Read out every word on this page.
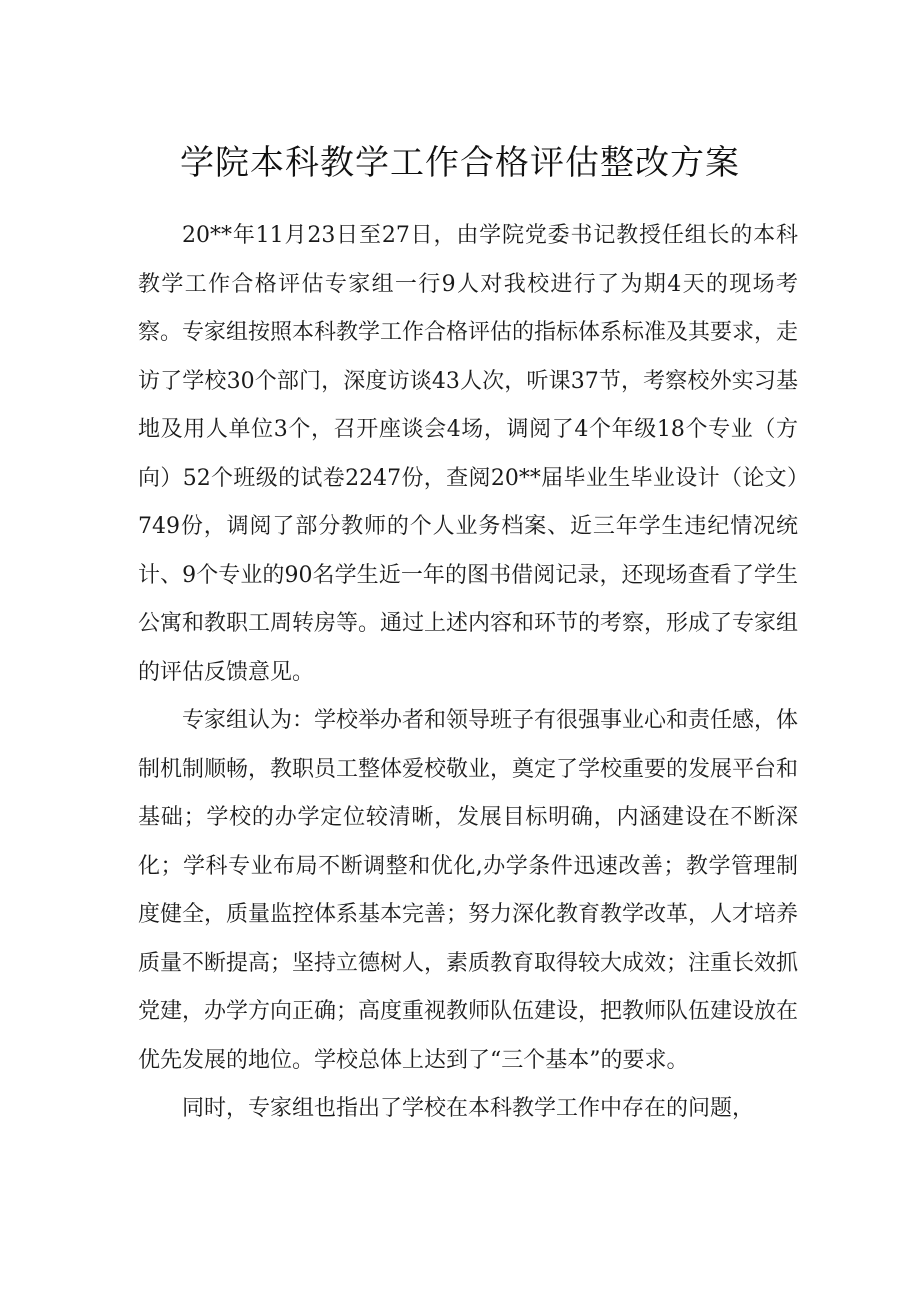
学院本科教学工作合格评估整改方案

20**年11月23日至27日，由学院党委书记教授任组长的本科教学工作合格评估专家组一行9人对我校进行了为期4天的现场考察。专家组按照本科教学工作合格评估的指标体系标准及其要求，走访了学校30个部门，深度访谈43人次，听课37节，考察校外实习基地及用人单位3个，召开座谈会4场，调阅了4个年级18个专业（方向）52个班级的试卷2247份，查阅20**届毕业生毕业设计（论文）749份，调阅了部分教师的个人业务档案、近三年学生违纪情况统计、9个专业的90名学生近一年的图书借阅记录，还现场查看了学生公寓和教职工周转房等。通过上述内容和环节的考察，形成了专家组的评估反馈意见。

专家组认为：学校举办者和领导班子有很强事业心和责任感，体制机制顺畅，教职员工整体爱校敬业，奠定了学校重要的发展平台和基础；学校的办学定位较清晰，发展目标明确，内涵建设在不断深化；学科专业布局不断调整和优化,办学条件迅速改善；教学管理制度健全，质量监控体系基本完善；努力深化教育教学改革，人才培养质量不断提高；坚持立德树人，素质教育取得较大成效；注重长效抓党建，办学方向正确；高度重视教师队伍建设，把教师队伍建设放在优先发展的地位。学校总体上达到了“三个基本”的要求。

同时，专家组也指出了学校在本科教学工作中存在的问题，
